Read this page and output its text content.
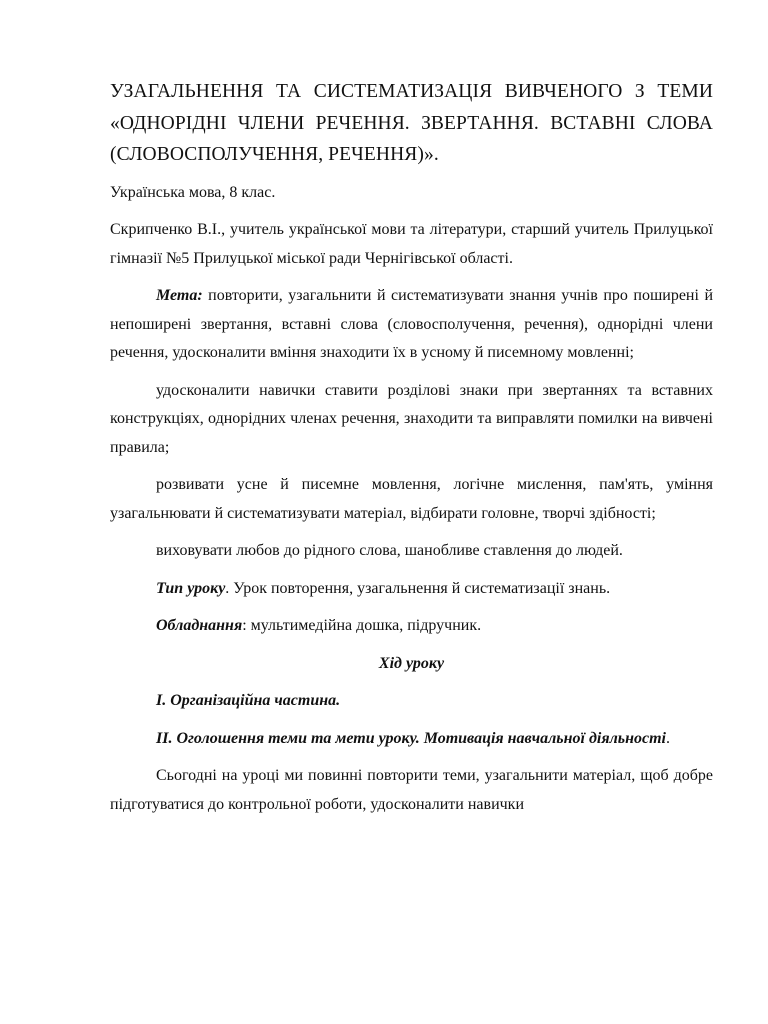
УЗАГАЛЬНЕННЯ ТА СИСТЕМАТИЗАЦІЯ ВИВЧЕНОГО З ТЕМИ «ОДНОРІДНІ ЧЛЕНИ РЕЧЕННЯ. ЗВЕРТАННЯ. ВСТАВНІ СЛОВА (СЛОВОСПОЛУЧЕННЯ, РЕЧЕННЯ)».

Українська мова, 8 клас.

Скрипченко В.І., учитель української мови та літератури, старший учитель Прилуцької гімназії №5 Прилуцької міської ради Чернігівської області.

Мета: повторити, узагальнити й систематизувати знання учнів про поширені й непоширені звертання, вставні слова (словосполучення, речення), однорідні члени речення, удосконалити вміння знаходити їх в усному й писемному мовленні;

удосконалити навички ставити розділові знаки при звертаннях та вставних конструкціях, однорідних членах речення, знаходити та виправляти помилки на вивчені правила;

розвивати усне й писемне мовлення, логічне мислення, пам'ять, уміння узагальнювати й систематизувати матеріал, відбирати головне, творчі здібності;

виховувати любов до рідного слова, шанобливе ставлення до людей.

Тип уроку. Урок повторення, узагальнення й систематизації знань.

Обладнання: мультимедійна дошка, підручник.

Хід уроку

І. Організаційна частина.

ІІ. Оголошення теми та мети уроку. Мотивація навчальної діяльності.

Сьогодні на уроці ми повинні повторити теми, узагальнити матеріал, щоб добре підготуватися до контрольної роботи, удосконалити навички
